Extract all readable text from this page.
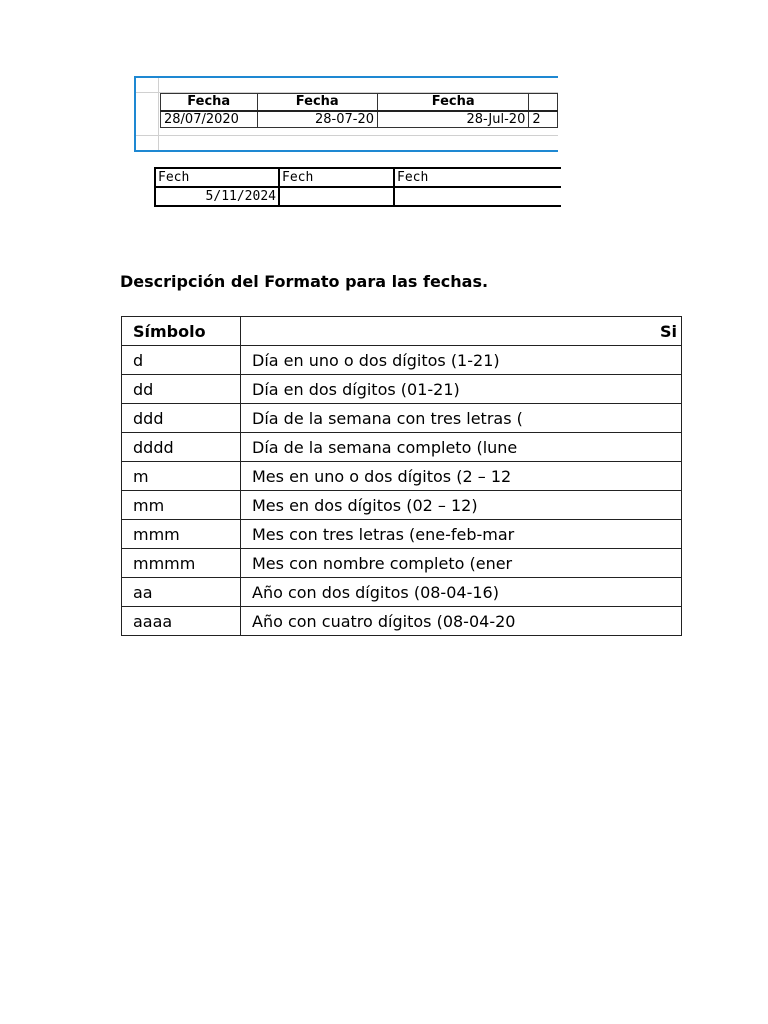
Fecha	Fecha	Fecha	
28/07/2020	28-07-20	28-Jul-20	2
Fech	Fech	Fech
5/11/2024		
Descripción del Formato para las fechas.
Símbolo	Si
d	Día en uno o dos dígitos (1-21)
dd	Día en dos dígitos (01-21)
ddd	Día de la semana con tres letras (
dddd	Día de la semana completo (lune
m	Mes en uno o dos dígitos (2 – 12
mm	Mes en dos dígitos (02 – 12)
mmm	Mes con tres letras (ene-feb-mar
mmmm	Mes con nombre completo (ener
aa	Año con dos dígitos (08-04-16)
aaaa	Año con cuatro dígitos (08-04-20
